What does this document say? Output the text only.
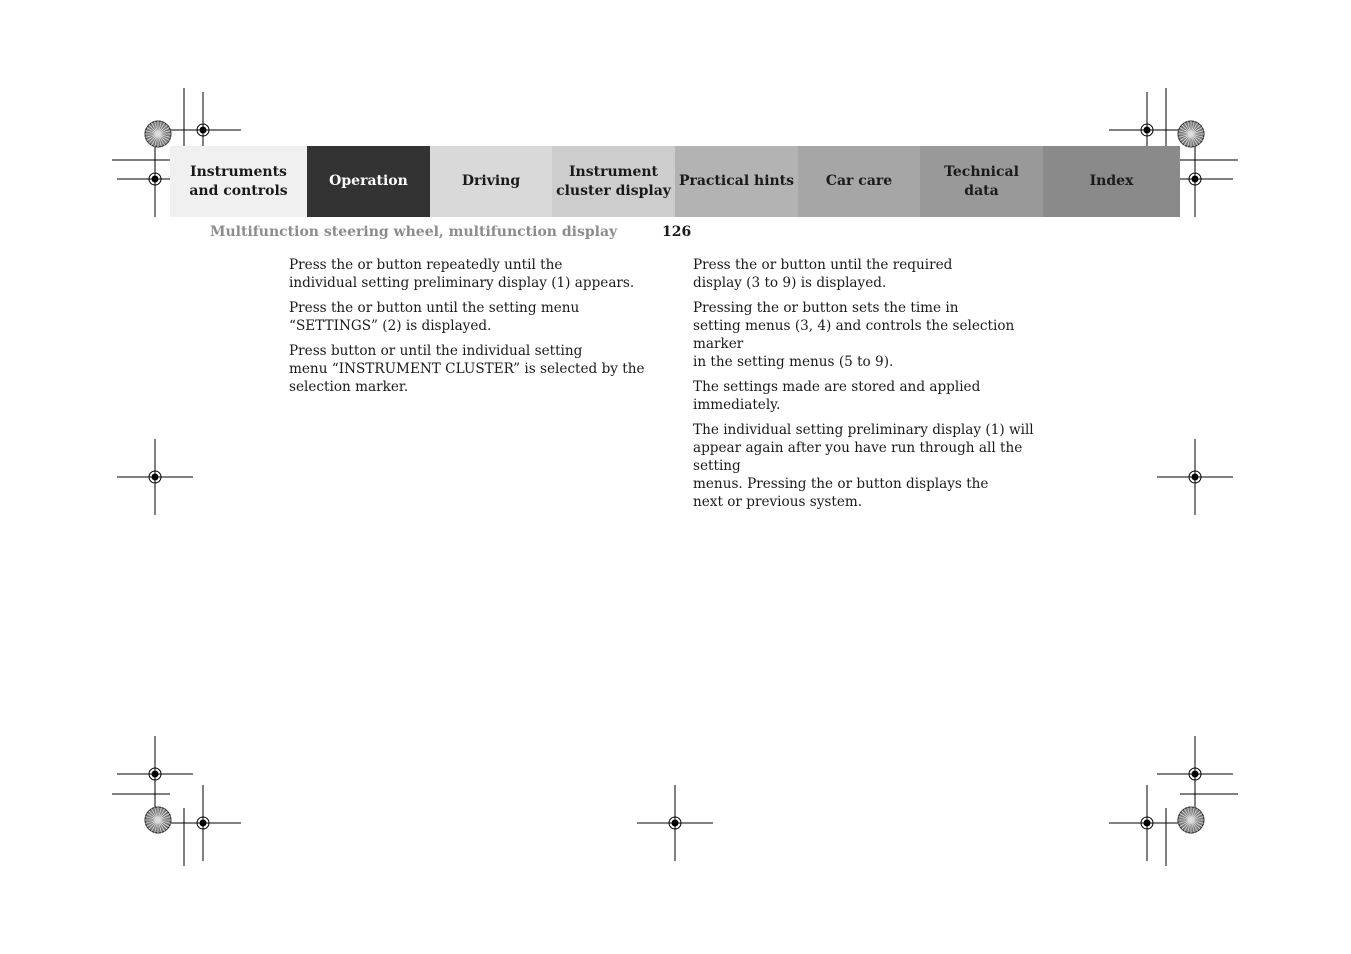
Instruments
and controls
Operation	Driving
Instrument
cluster display
Practical hints	Car care
Technical
data
Index
Multifunction steering wheel, multifunction display	126

Press the or button repeatedly until the
individual setting preliminary display (1) appears.

Press the or button until the setting menu
“SETTINGS” (2) is displayed.

Press button or until the individual setting
menu “INSTRUMENT CLUSTER” is selected by the
selection marker.

Press the or button until the required
display (3 to 9) is displayed.

Pressing the or button sets the time in
setting menus (3, 4) and controls the selection marker
in the setting menus (5 to 9).

The settings made are stored and applied immediately.

The individual setting preliminary display (1) will
appear again after you have run through all the setting
menus. Pressing the or button displays the
next or previous system.
